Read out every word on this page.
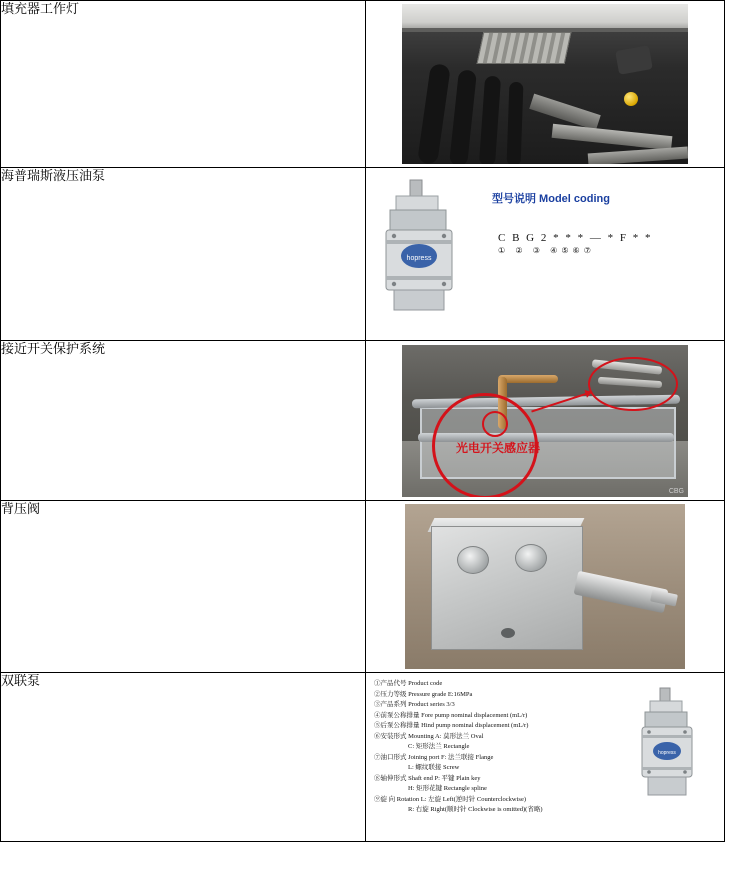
填充器工作灯	

海普瑞斯液压油泵	hopress
型号说明 Model coding
C B G 2 * * * — * F * *
① ② ③ ④⑤⑥⑦

接近开关保护系统	光电开关感应器
CBG

背压阀	

双联泵	①产品代号 Product code
②压力等级 Pressure grade E:16MPa
③产品系列 Product series 3/3
④前泵公称排量 Fore pump nominal displacement (mL/r)
⑤后泵公称排量 Hind pump nominal displacement (mL/r)
⑥安装形式 Mounting A: 莫形法兰 Oval
C: 矩形法兰 Rectangle
⑦油口形式 Joining port F: 法兰联接 Flange
L: 螺纹联接 Screw
⑧轴伸形式 Shaft end P: 平键 Plain key
H: 矩形花键 Rectangle spline
⑨旋 向 Rotation L: 左旋 Left(逆时针 Counterclockwise)
R: 右旋 Right(顺时针 Clockwise is omitted)(省略)
hopress
